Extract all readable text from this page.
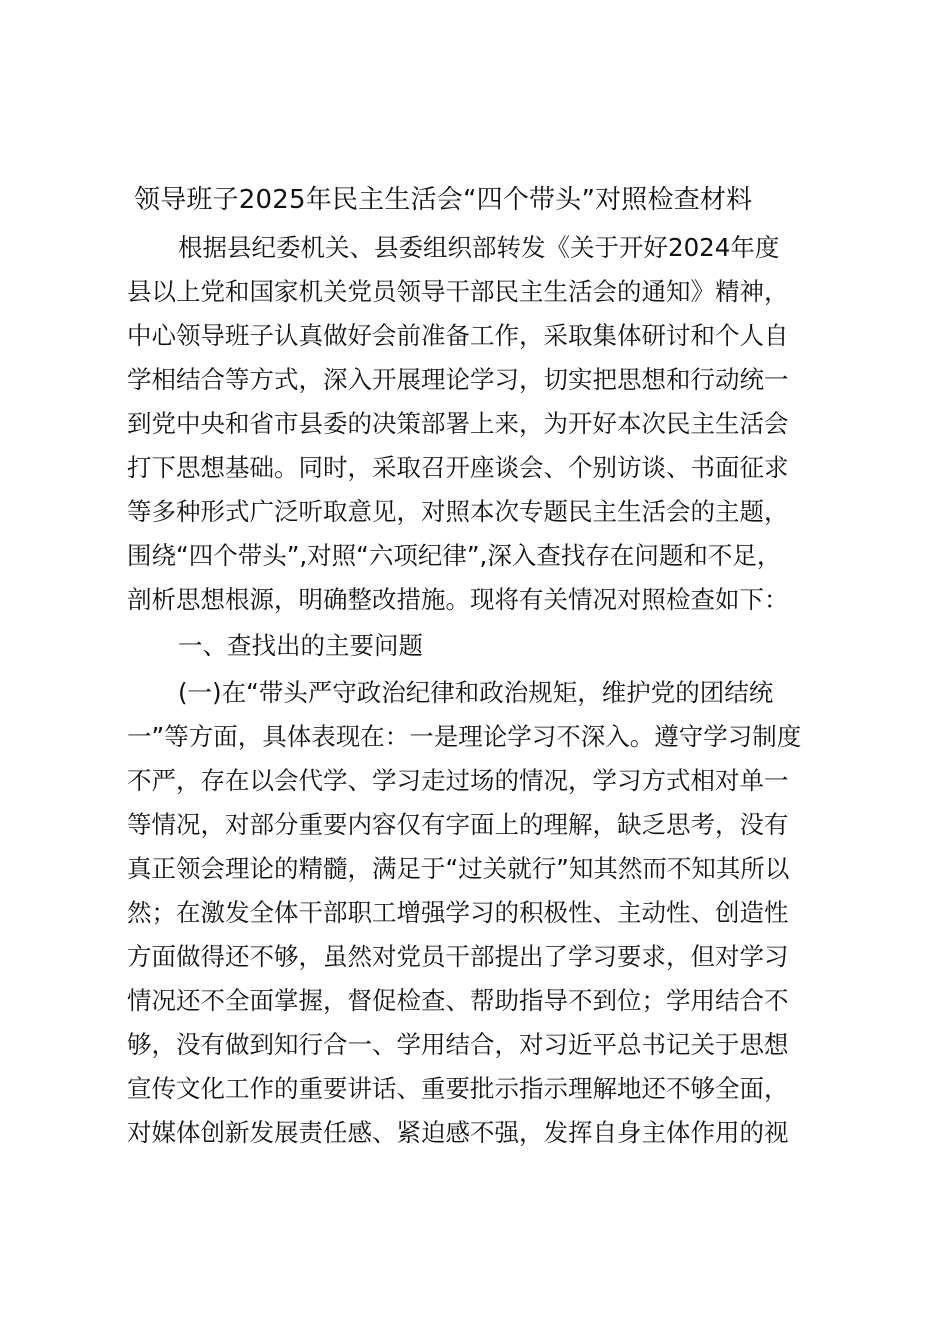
领导班子2025年民主生活会“四个带头”对照检查材料

根据县纪委机关、县委组织部转发《关于开好2024年度

县以上党和国家机关党员领导干部民主生活会的通知》精神，

中心领导班子认真做好会前准备工作，采取集体研讨和个人自

学相结合等方式，深入开展理论学习，切实把思想和行动统一

到党中央和省市县委的决策部署上来，为开好本次民主生活会

打下思想基础。同时，采取召开座谈会、个别访谈、书面征求

等多种形式广泛听取意见，对照本次专题民主生活会的主题，

围绕“四个带头”,对照“六项纪律”,深入查找存在问题和不足，

剖析思想根源，明确整改措施。现将有关情况对照检查如下：

一、查找出的主要问题

(一)在“带头严守政治纪律和政治规矩，维护党的团结统

一”等方面，具体表现在：一是理论学习不深入。遵守学习制度

不严，存在以会代学、学习走过场的情况，学习方式相对单一

等情况，对部分重要内容仅有字面上的理解，缺乏思考，没有

真正领会理论的精髓，满足于“过关就行”知其然而不知其所以

然；在激发全体干部职工增强学习的积极性、主动性、创造性

方面做得还不够，虽然对党员干部提出了学习要求，但对学习

情况还不全面掌握，督促检查、帮助指导不到位；学用结合不

够，没有做到知行合一、学用结合，对习近平总书记关于思想

宣传文化工作的重要讲话、重要批示指示理解地还不够全面，

对媒体创新发展责任感、紧迫感不强，发挥自身主体作用的视
